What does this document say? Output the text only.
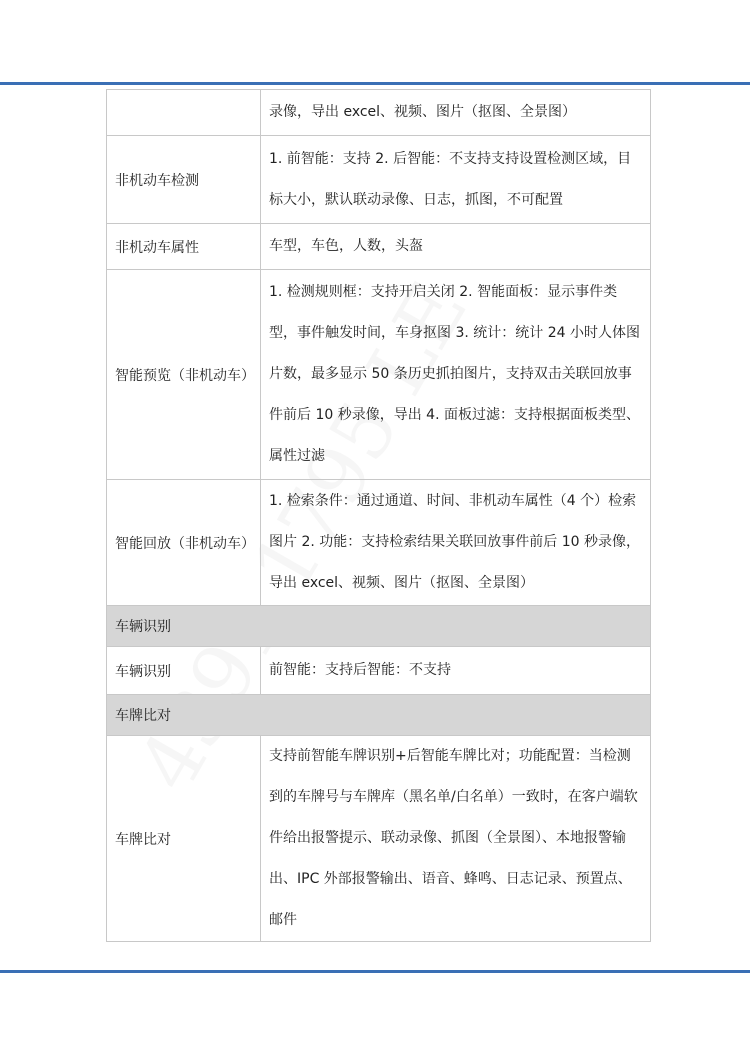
	录像，导出 excel、视频、图片（抠图、全景图）
非机动车检测	1. 前智能：支持 2. 后智能：不支持支持设置检测区域，目标大小，默认联动录像、日志，抓图，不可配置
非机动车属性	车型，车色，人数，头盔
智能预览（非机动车）	1. 检测规则框：支持开启关闭 2. 智能面板：显示事件类型，事件触发时间，车身抠图 3. 统计：统计 24 小时人体图片数，最多显示 50 条历史抓拍图片，支持双击关联回放事件前后 10 秒录像，导出 4. 面板过滤：支持根据面板类型、属性过滤
智能回放（非机动车）	1. 检索条件：通过通道、时间、非机动车属性（4 个）检索图片 2. 功能：支持检索结果关联回放事件前后 10 秒录像，导出 excel、视频、图片（抠图、全景图）
车辆识别	
车辆识别	前智能：支持后智能：不支持
车牌比对	
车牌比对	支持前智能车牌识别+后智能车牌比对；功能配置：当检测到的车牌号与车牌库（黑名单/白名单）一致时，在客户端软件给出报警提示、联动录像、抓图（全景图）、本地报警输出、IPC 外部报警输出、语音、蜂鸣、日志记录、预置点、邮件
